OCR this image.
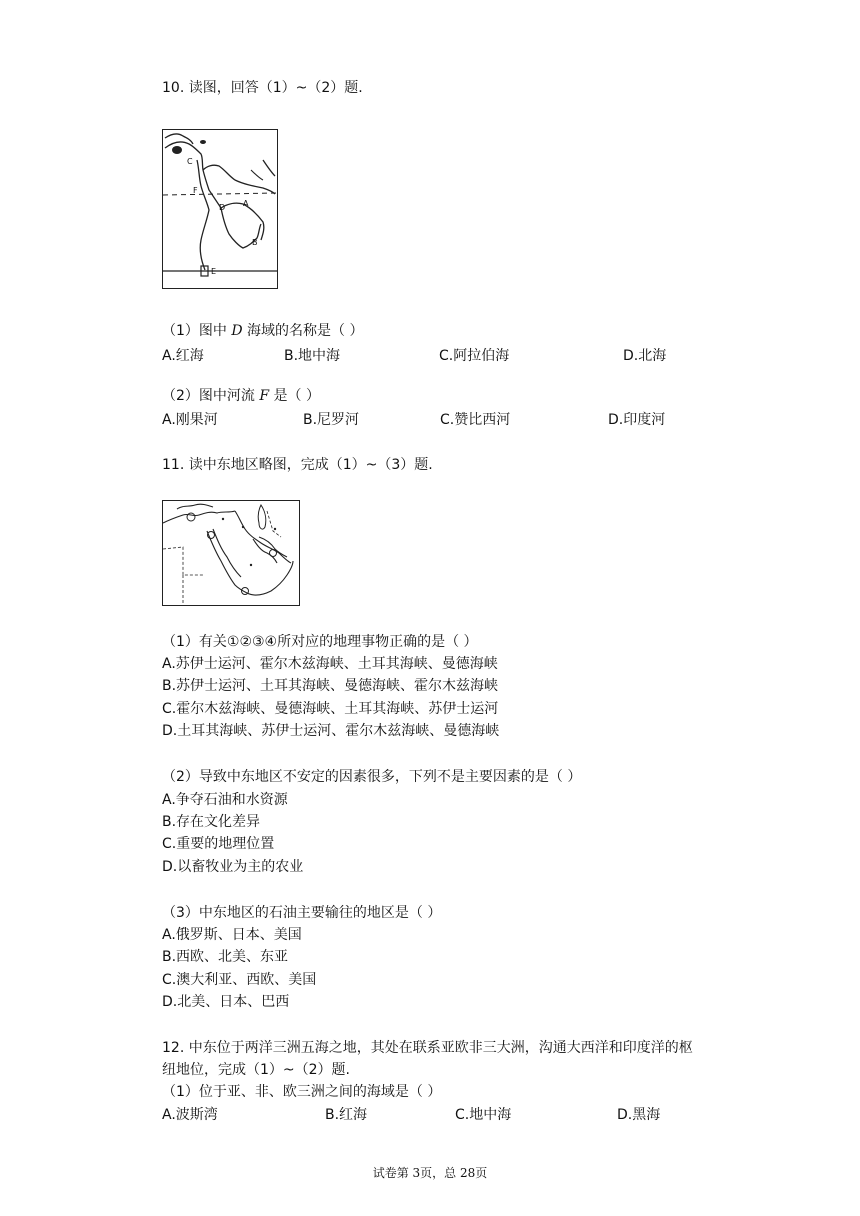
10. 读图，回答（1）~（2）题.
C
F
D A
B
E
（1）图中 D 海域的名称是（ ）
A.红海	B.地中海	C.阿拉伯海	D.北海
（2）图中河流 F 是（ ）
A.刚果河	B.尼罗河	C.赞比西河	D.印度河
11. 读中东地区略图，完成（1）~（3）题.
（1）有关①②③④所对应的地理事物正确的是（ ）
A.苏伊士运河、霍尔木兹海峡、土耳其海峡、曼德海峡
B.苏伊士运河、土耳其海峡、曼德海峡、霍尔木兹海峡
C.霍尔木兹海峡、曼德海峡、土耳其海峡、苏伊士运河
D.土耳其海峡、苏伊士运河、霍尔木兹海峡、曼德海峡
（2）导致中东地区不安定的因素很多，下列不是主要因素的是（ ）
A.争夺石油和水资源
B.存在文化差异
C.重要的地理位置
D.以畜牧业为主的农业
（3）中东地区的石油主要输往的地区是（ ）
A.俄罗斯、日本、美国
B.西欧、北美、东亚
C.澳大利亚、西欧、美国
D.北美、日本、巴西
12. 中东位于两洋三洲五海之地，其处在联系亚欧非三大洲，沟通大西洋和印度洋的枢
纽地位，完成（1）~（2）题.
（1）位于亚、非、欧三洲之间的海域是（ ）
A.波斯湾	B.红海	C.地中海	D.黑海
试卷第 3页，总 28页
